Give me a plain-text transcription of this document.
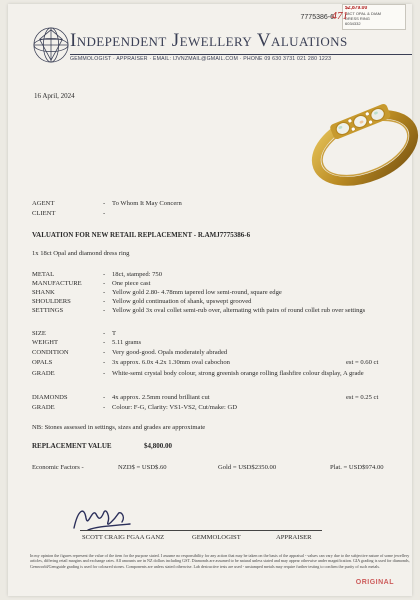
$2,879.00
18CT OPAL & DIAM
DRESS RING
6034332
7775386-6
471
Independent Jewellery Valuations
GEMMOLOGIST · APPRAISER · EMAIL: IJVNZMAIL@GMAIL.COM · PHONE 09 630 3731 021 280 1223
16 April, 2024
AGENT	- To Whom It May Concern
CLIENT	-
VALUATION FOR NEW RETAIL REPLACEMENT - R.AMJ7775386-6
1x 18ct Opal and diamond dress ring
METAL	- 18ct, stamped: 750
MANUFACTURE	- One piece cast
SHANK	- Yellow gold 2.80- 4.78mm tapered low semi-round, square edge
SHOULDERS	- Yellow gold continuation of shank, upswept grooved
SETTINGS	- Yellow gold 3x oval collet semi-rub over, alternating with pairs of round collet rub over settings
SIZE	- T
WEIGHT	- 5.11 grams
CONDITION	- Very good-good. Opals moderately abraded
OPALS	- 3x approx. 6.0x 4.2x 1.30mm oval cabochon	est = 0.60 ct
GRADE	- White-semi crystal body colour, strong greenish orange rolling flashfire colour display, A grade
DIAMONDS	- 4x approx. 2.5mm round brilliant cut	est = 0.25 ct
GRADE	- Colour: F-G, Clarity: VS1-VS2, Cut/make: GD
NB: Stones assessed in settings, sizes and grades are approximate
REPLACEMENT VALUE	$4,800.00
Economic Factors -	NZD$ = USD$.60	Gold = USD$2350.00	Plat. = USD$974.00
SCOTT CRAIG FGAA GANZ	GEMMOLOGIST	APPRAISER
In my opinion the figures represent the value of the item for the purpose stated. I assume no responsibility for any action that may be taken on the basis of the appraisal - values can vary due to the subjective nature of some jewellery articles, differing retail margins and exchange rates. All amounts are in NZ dollars including GST. Diamonds are assumed to be natural unless stated and may appear otherwise under magnification. GIA grading is used for diamonds, Gemworld/Gemguide grading is used for coloured stones. Components are unless stated otherwise. Lab destructive tests are used - unstamped metals may require further testing to confirm the purity of such metals.
ORIGINAL
